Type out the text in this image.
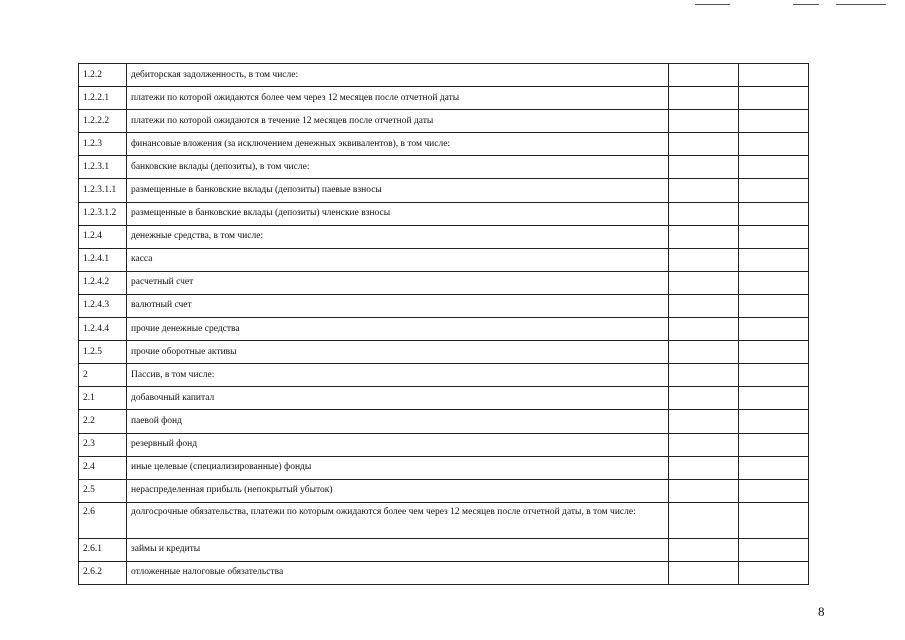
1.2.2	дебиторская задолженность, в том числе:		
1.2.2.1	платежи по которой ожидаются более чем через 12 месяцев после отчетной даты		
1.2.2.2	платежи по которой ожидаются в течение 12 месяцев после отчетной даты		
1.2.3	финансовые вложения (за исключением денежных эквивалентов), в том числе:		
1.2.3.1	банковские вклады (депозиты), в том числе:		
1.2.3.1.1	размещенные в банковские вклады (депозиты) паевые взносы		
1.2.3.1.2	размещенные в банковские вклады (депозиты) членские взносы		
1.2.4	денежные средства, в том числе:		
1.2.4.1	касса		
1.2.4.2	расчетный счет		
1.2.4.3	валютный счет		
1.2.4.4	прочие денежные средства		
1.2.5	прочие оборотные активы		
2	Пассив, в том числе:		
2.1	добавочный капитал		
2.2	паевой фонд		
2.3	резервный фонд		
2.4	иные целевые (специализированные) фонды		
2.5	нераспределенная прибыль (непокрытый убыток)		
2.6	долгосрочные обязательства, платежи по которым ожидаются более чем через 12 месяцев после отчетной даты, в том числе:		
2.6.1	займы и кредиты		
2.6.2	отложенные налоговые обязательства		
8
